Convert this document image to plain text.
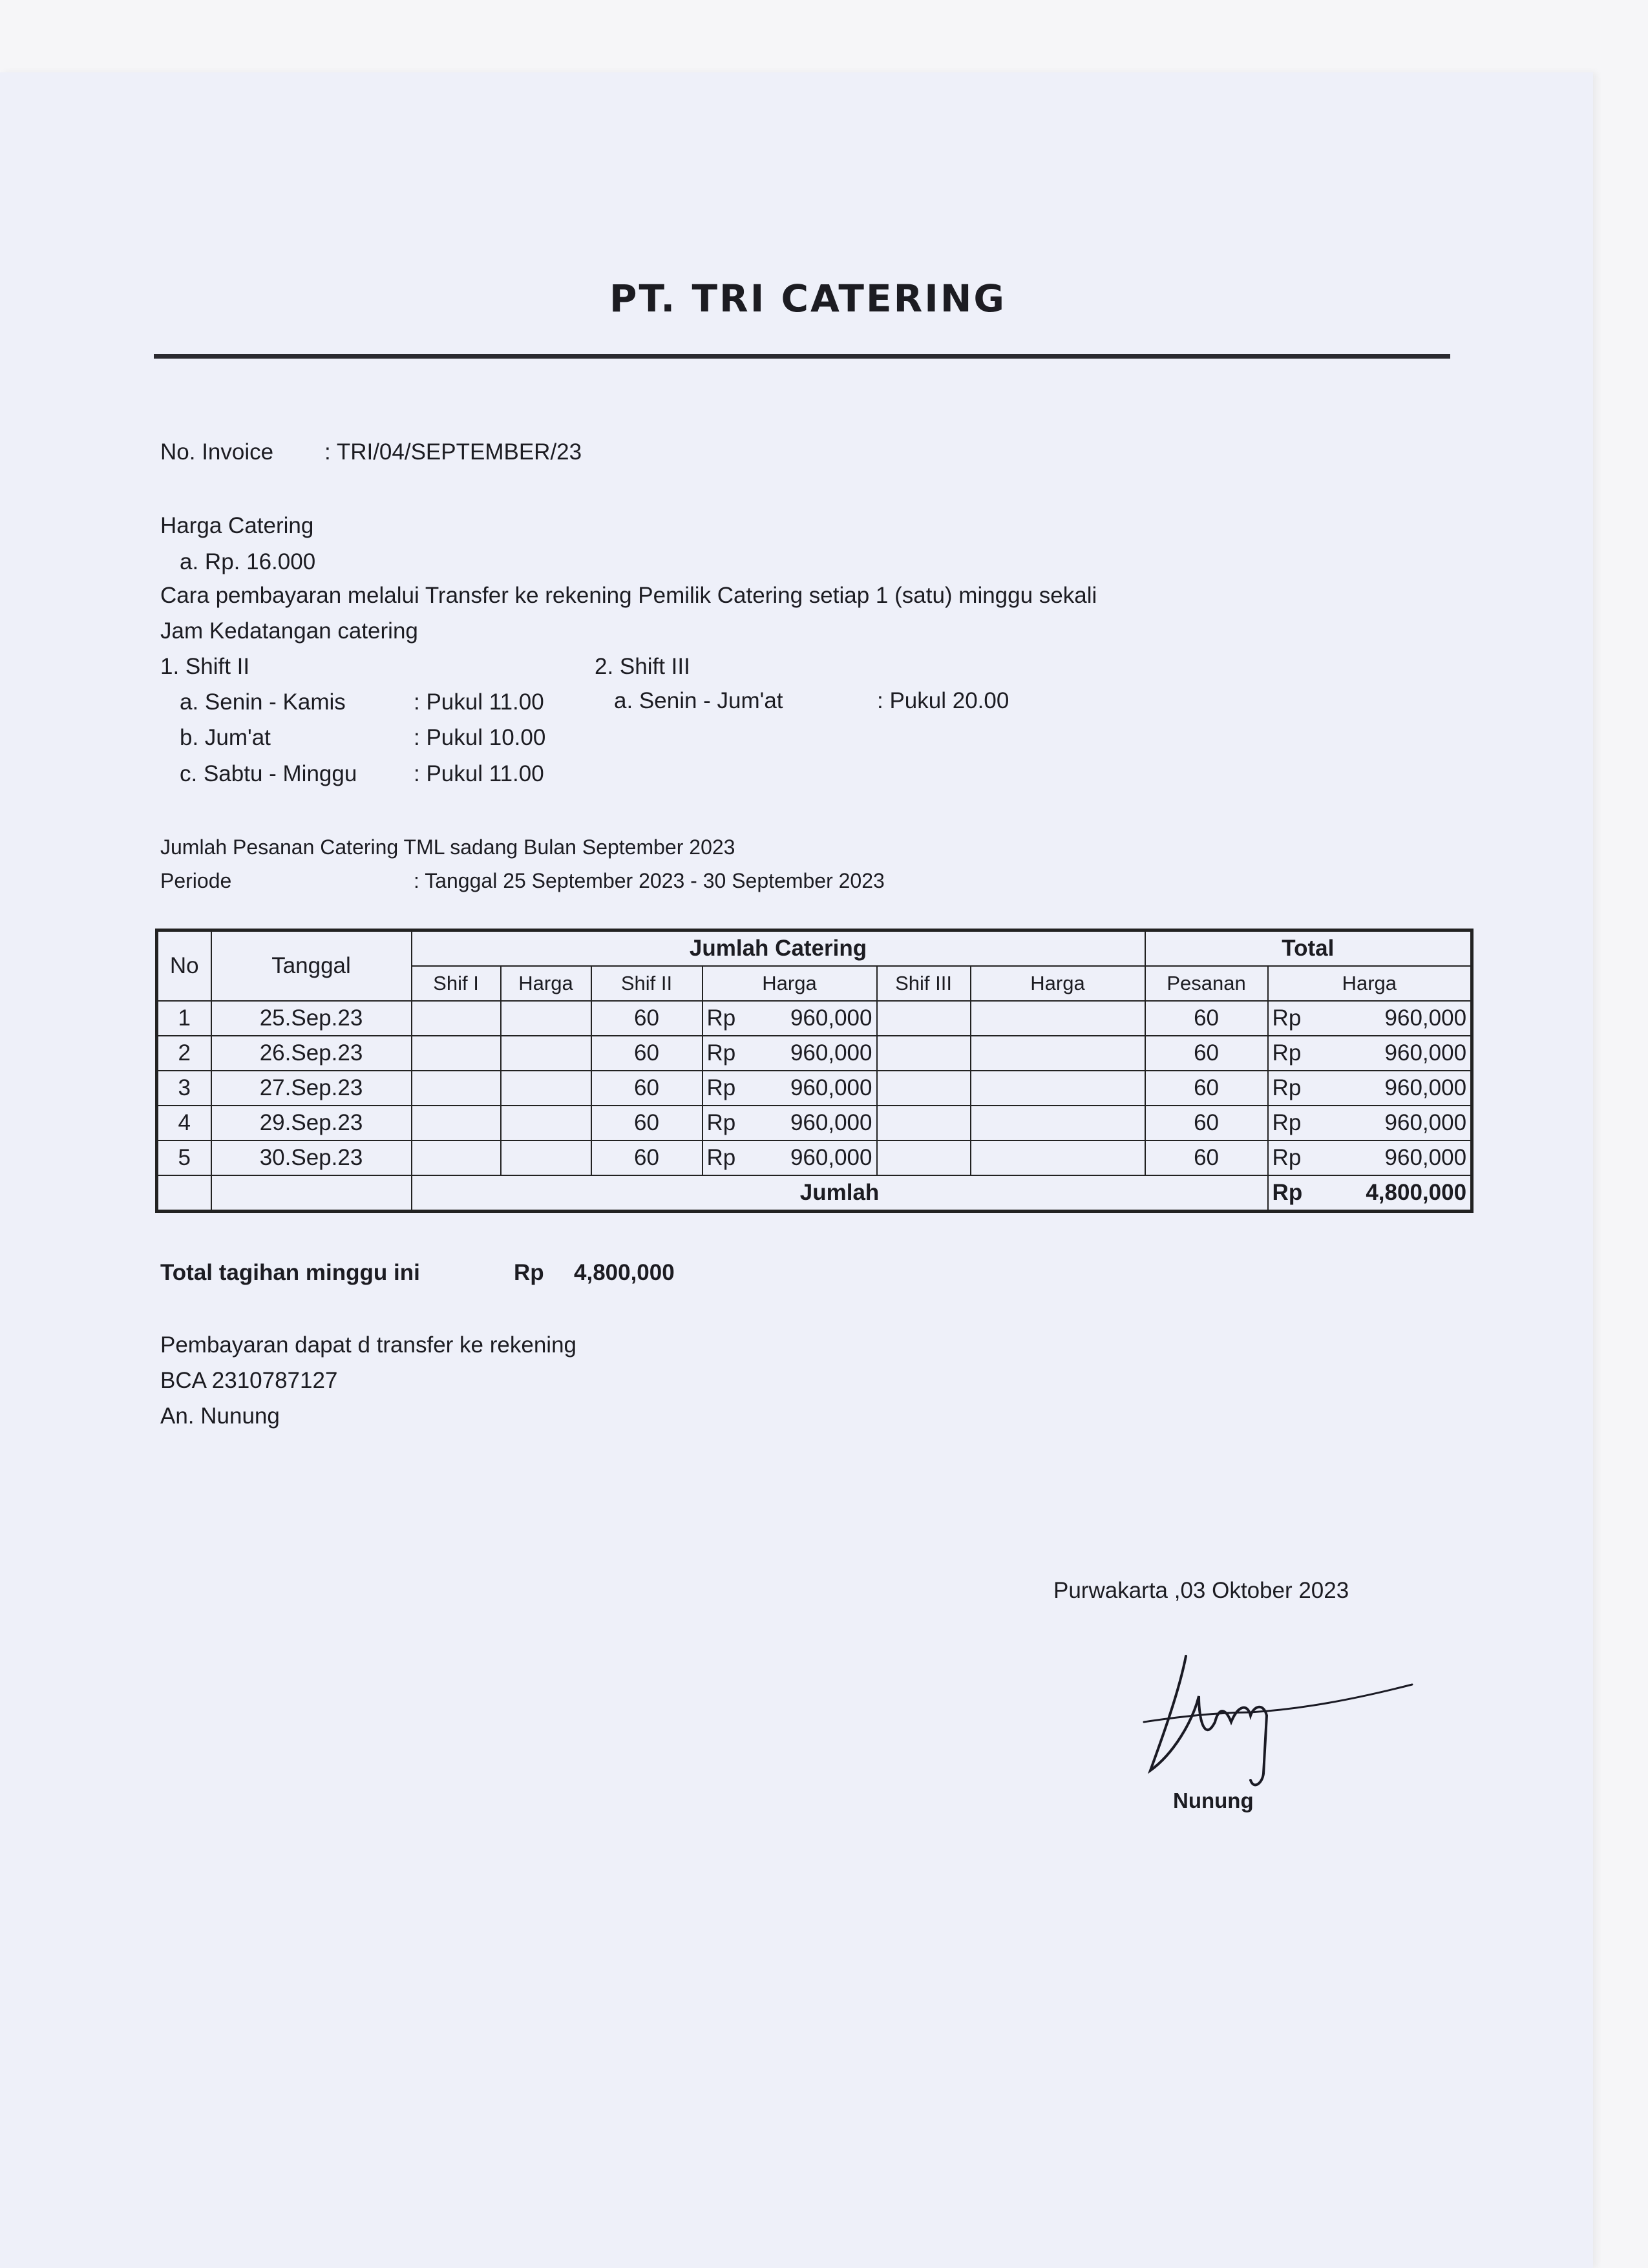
PT. TRI CATERING
No. Invoice : TRI/04/SEPTEMBER/23
Harga Catering
a. Rp. 16.000
Cara pembayaran melalui Transfer ke rekening Pemilik Catering setiap 1 (satu) minggu sekali
Jam Kedatangan catering
1. Shift II	2. Shift III
a. Senin - Kamis	: Pukul 11.00	a. Senin - Jum'at	: Pukul 20.00
b. Jum'at	: Pukul 10.00
c. Sabtu - Minggu	: Pukul 11.00
Jumlah Pesanan Catering TML sadang Bulan September 2023
Periode	: Tanggal 25 September 2023 - 30 September 2023
No	Tanggal	Jumlah Catering						Total	
		Shif I	Harga	Shif II	Harga	Shif III	Harga	Pesanan	Harga
1	25.Sep.23			60	Rp 960,000			60	Rp 960,000

2	26.Sep.23			60	Rp 960,000			60	Rp 960,000

3	27.Sep.23			60	Rp 960,000			60	Rp 960,000

4	29.Sep.23			60	Rp 960,000			60	Rp 960,000

5	30.Sep.23			60	Rp 960,000			60	Rp 960,000

		Jumlah							Rp 4,800,000
Total tagihan minggu ini	Rp 4,800,000
Pembayaran dapat d transfer ke rekening
BCA 2310787127
An. Nunung
Purwakarta ,03 Oktober 2023
Nunung
